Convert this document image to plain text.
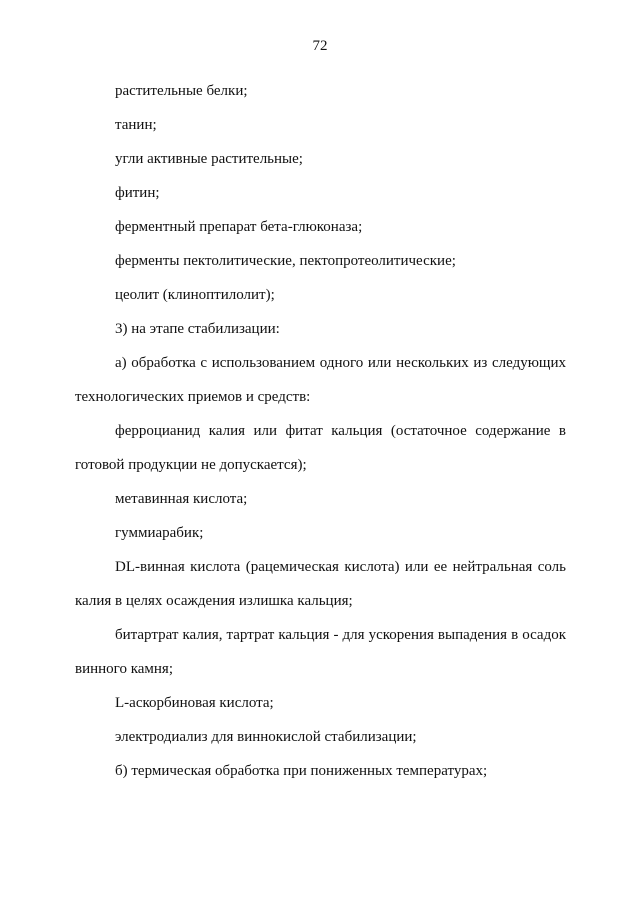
72

растительные белки;

танин;

угли активные растительные;

фитин;

ферментный препарат бета-глюконаза;

ферменты пектолитические, пектопротеолитические;

цеолит (клиноптилолит);

3) на этапе стабилизации:

а) обработка с использованием одного или нескольких из следующих технологических приемов и средств:

ферроцианид калия или фитат кальция (остаточное содержание в готовой продукции не допускается);

метавинная кислота;

гуммиарабик;

DL-винная кислота (рацемическая кислота) или ее нейтральная соль калия в целях осаждения излишка кальция;

битартрат калия, тартрат кальция - для ускорения выпадения в осадок винного камня;

L-аскорбиновая кислота;

электродиализ для виннокислой стабилизации;

б) термическая обработка при пониженных температурах;
